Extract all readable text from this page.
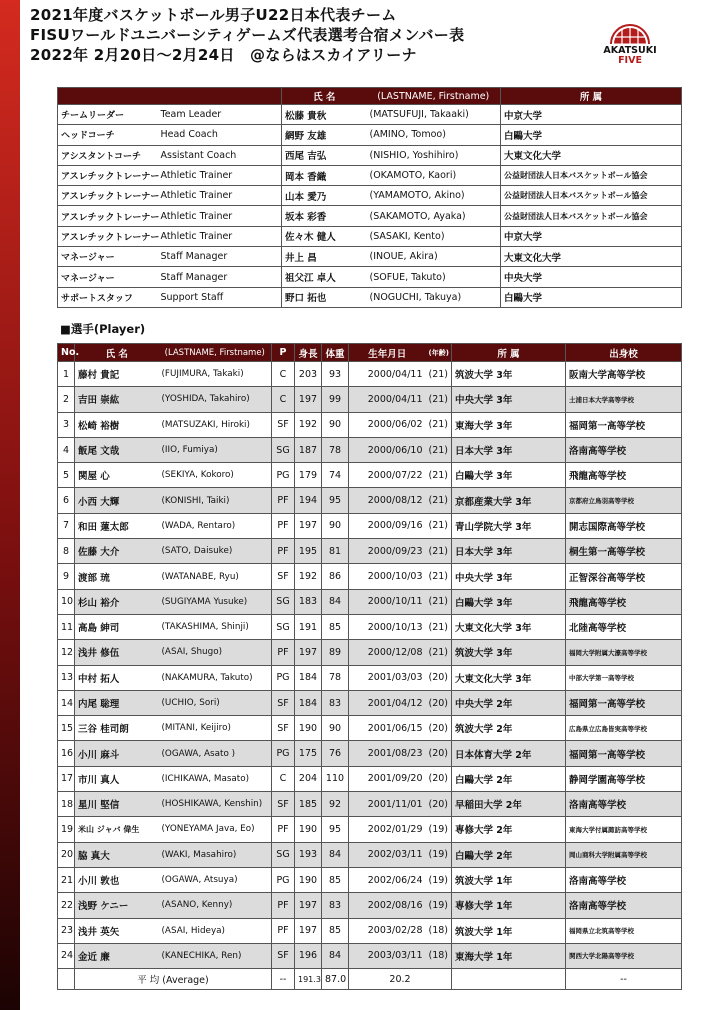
2021年度バスケットボール男子U22日本代表チーム
FISUワールドユニバーシティゲームズ代表選考合宿メンバー表
2022年 2月20日～2月24日　@ならはスカイアリーナ	AKATSUKI
FIVE
		氏 名	(LASTNAME, Firstname)	所 属
チームリーダー	Team Leader	松藤 貴秋	(MATSUFUJI, Takaaki)	中京大学
ヘッドコーチ	Head Coach	網野 友雄	(AMINO, Tomoo)	白鷗大学
アシスタントコーチ	Assistant Coach	西尾 吉弘	(NISHIO, Yoshihiro)	大東文化大学
アスレチックトレーナー	Athletic Trainer	岡本 香織	(OKAMOTO, Kaori)	公益財団法人日本バスケットボール協会
アスレチックトレーナー	Athletic Trainer	山本 愛乃	(YAMAMOTO, Akino)	公益財団法人日本バスケットボール協会
アスレチックトレーナー	Athletic Trainer	坂本 彩香	(SAKAMOTO, Ayaka)	公益財団法人日本バスケットボール協会
アスレチックトレーナー	Athletic Trainer	佐々木 健人	(SASAKI, Kento)	中京大学
マネージャー	Staff Manager	井上 昌	(INOUE, Akira)	大東文化大学
マネージャー	Staff Manager	祖父江 卓人	(SOFUE, Takuto)	中央大学
サポートスタッフ	Support Staff	野口 拓也	(NOGUCHI, Takuya)	白鷗大学
■選手(Player)
No.	氏 名	(LASTNAME, Firstname)	P	身長	体重	生年月日	(年齢)	所 属	出身校
1	藤村 貴記	(FUJIMURA, Takaki)	C	203	93	2000/04/11	(21)	筑波大学 3年	阪南大学高等学校
2	吉田 崇紘	(YOSHIDA, Takahiro)	C	197	99	2000/04/11	(21)	中央大学 3年	土浦日本大学高等学校
3	松崎 裕樹	(MATSUZAKI, Hiroki)	SF	192	90	2000/06/02	(21)	東海大学 3年	福岡第一高等学校
4	飯尾 文哉	(IIO, Fumiya)	SG	187	78	2000/06/10	(21)	日本大学 3年	洛南高等学校
5	関屋 心	(SEKIYA, Kokoro)	PG	179	74	2000/07/22	(21)	白鷗大学 3年	飛龍高等学校
6	小西 大輝	(KONISHI, Taiki)	PF	194	95	2000/08/12	(21)	京都産業大学 3年	京都府立鳥羽高等学校
7	和田 蓮太郎	(WADA, Rentaro)	PF	197	90	2000/09/16	(21)	青山学院大学 3年	開志国際高等学校
8	佐藤 大介	(SATO, Daisuke)	PF	195	81	2000/09/23	(21)	日本大学 3年	桐生第一高等学校
9	渡部 琉	(WATANABE, Ryu)	SF	192	86	2000/10/03	(21)	中央大学 3年	正智深谷高等学校
10	杉山 裕介	(SUGIYAMA Yusuke)	SG	183	84	2000/10/11	(21)	白鷗大学 3年	飛龍高等学校
11	高島 紳司	(TAKASHIMA, Shinji)	SG	191	85	2000/10/13	(21)	大東文化大学 3年	北陸高等学校
12	浅井 修伍	(ASAI, Shugo)	PF	197	89	2000/12/08	(21)	筑波大学 3年	福岡大学附属大濠高等学校
13	中村 拓人	(NAKAMURA, Takuto)	PG	184	78	2001/03/03	(20)	大東文化大学 3年	中部大学第一高等学校
14	内尾 聡理	(UCHIO, Sori)	SF	184	83	2001/04/12	(20)	中央大学 2年	福岡第一高等学校
15	三谷 桂司朗	(MITANI, Keijiro)	SF	190	90	2001/06/15	(20)	筑波大学 2年	広島県立広島皆実高等学校
16	小川 麻斗	(OGAWA, Asato )	PG	175	76	2001/08/23	(20)	日本体育大学 2年	福岡第一高等学校
17	市川 真人	(ICHIKAWA, Masato)	C	204	110	2001/09/20	(20)	白鷗大学 2年	静岡学園高等学校
18	星川 堅信	(HOSHIKAWA, Kenshin)	SF	185	92	2001/11/01	(20)	早稲田大学 2年	洛南高等学校
19	米山 ジャバ 偉生	(YONEYAMA Java, Eo)	PF	190	95	2002/01/29	(19)	専修大学 2年	東海大学付属諏訪高等学校
20	脇 真大	(WAKI, Masahiro)	SG	193	84	2002/03/11	(19)	白鷗大学 2年	岡山商科大学附属高等学校
21	小川 敦也	(OGAWA, Atsuya)	PG	190	85	2002/06/24	(19)	筑波大学 1年	洛南高等学校
22	浅野 ケニー	(ASANO, Kenny)	PF	197	83	2002/08/16	(19)	専修大学 1年	洛南高等学校
23	浅井 英矢	(ASAI, Hideya)	PF	197	85	2003/02/28	(18)	筑波大学 1年	福岡県立北筑高等学校
24	金近 廉	(KANECHIKA, Ren)	SF	196	84	2003/03/11	(18)	東海大学 1年	関西大学北陽高等学校
	平 均 (Average)		--	191.3	87.0	20.2			--
